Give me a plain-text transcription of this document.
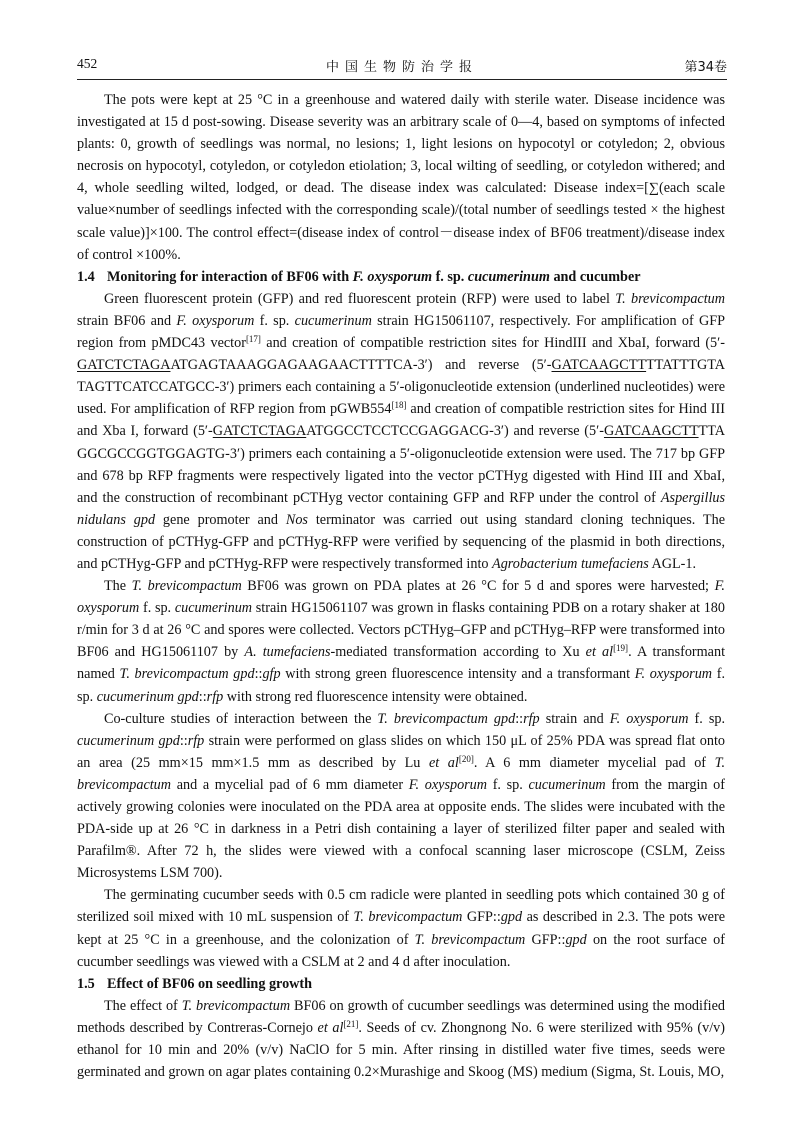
452	中国生物防治学报	第34卷

The pots were kept at 25 °C in a greenhouse and watered daily with sterile water. Disease incidence was investigated at 15 d post-sowing. Disease severity was an arbitrary scale of 0—4, based on symptoms of infected plants: 0, growth of seedlings was normal, no lesions; 1, light lesions on hypocotyl or cotyledon; 2, obvious necrosis on hypocotyl, cotyledon, or cotyledon etiolation; 3, local wilting of seedling, or cotyledon withered; and 4, whole seedling wilted, lodged, or dead. The disease index was calculated: Disease index=[∑(each scale value×number of seedlings infected with the corresponding scale)/(total number of seedlings tested × the highest scale value)]×100. The control effect=(disease index of control－disease index of BF06 treatment)/disease index of control ×100%.

1.4 Monitoring for interaction of BF06 with F. oxysporum f. sp. cucumerinum and cucumber

Green fluorescent protein (GFP) and red fluorescent protein (RFP) were used to label T. brevicompactum strain BF06 and F. oxysporum f. sp. cucumerinum strain HG15061107, respectively. For amplification of GFP region from pMDC43 vector[17] and creation of compatible restriction sites for HindIII and XbaI, forward (5′-GATCTCTAGAATGAGTAAAGGAGAAGAACTTTTCA-3′) and reverse (5′-GATCAAGCTTTTATTTGTA TAGTTCATCCATGCC-3′) primers each containing a 5′-oligonucleotide extension (underlined nucleotides) were used. For amplification of RFP region from pGWB554[18] and creation of compatible restriction sites for Hind III and Xba I, forward (5′-GATCTCTAGAATGGCCTCCTCCGAGGACG-3′) and reverse (5′-GATCAAGCTTTTA GGCGCCGGTGGAGTG-3′) primers each containing a 5′-oligonucleotide extension were used. The 717 bp GFP and 678 bp RFP fragments were respectively ligated into the vector pCTHyg digested with Hind III and XbaI, and the construction of recombinant pCTHyg vector containing GFP and RFP under the control of Aspergillus nidulans gpd gene promoter and Nos terminator was carried out using standard cloning techniques. The construction of pCTHyg-GFP and pCTHyg-RFP were verified by sequencing of the plasmid in both directions, and pCTHyg-GFP and pCTHyg-RFP were respectively transformed into Agrobacterium tumefaciens AGL-1.

The T. brevicompactum BF06 was grown on PDA plates at 26 °C for 5 d and spores were harvested; F. oxysporum f. sp. cucumerinum strain HG15061107 was grown in flasks containing PDB on a rotary shaker at 180 r/min for 3 d at 26 °C and spores were collected. Vectors pCTHyg–GFP and pCTHyg–RFP were transformed into BF06 and HG15061107 by A. tumefaciens-mediated transformation according to Xu et al[19]. A transformant named T. brevicompactum gpd::gfp with strong green fluorescence intensity and a transformant F. oxysporum f. sp. cucumerinum gpd::rfp with strong red fluorescence intensity were obtained.

Co-culture studies of interaction between the T. brevicompactum gpd::rfp strain and F. oxysporum f. sp. cucumerinum gpd::rfp strain were performed on glass slides on which 150 μL of 25% PDA was spread flat onto an area (25 mm×15 mm×1.5 mm as described by Lu et al[20]. A 6 mm diameter mycelial pad of T. brevicompactum and a mycelial pad of 6 mm diameter F. oxysporum f. sp. cucumerinum from the margin of actively growing colonies were inoculated on the PDA area at opposite ends. The slides were incubated with the PDA-side up at 26 °C in darkness in a Petri dish containing a layer of sterilized filter paper and sealed with Parafilm®. After 72 h, the slides were viewed with a confocal scanning laser microscope (CSLM, Zeiss Microsystems LSM 700).

The germinating cucumber seeds with 0.5 cm radicle were planted in seedling pots which contained 30 g of sterilized soil mixed with 10 mL suspension of T. brevicompactum GFP::gpd as described in 2.3. The pots were kept at 25 °C in a greenhouse, and the colonization of T. brevicompactum GFP::gpd on the root surface of cucumber seedlings was viewed with a CSLM at 2 and 4 d after inoculation.

1.5 Effect of BF06 on seedling growth

The effect of T. brevicompactum BF06 on growth of cucumber seedlings was determined using the modified methods described by Contreras-Cornejo et al[21]. Seeds of cv. Zhongnong No. 6 were sterilized with 95% (v/v) ethanol for 10 min and 20% (v/v) NaClO for 5 min. After rinsing in distilled water five times, seeds were germinated and grown on agar plates containing 0.2×Murashige and Skoog (MS) medium (Sigma, St. Louis, MO,
